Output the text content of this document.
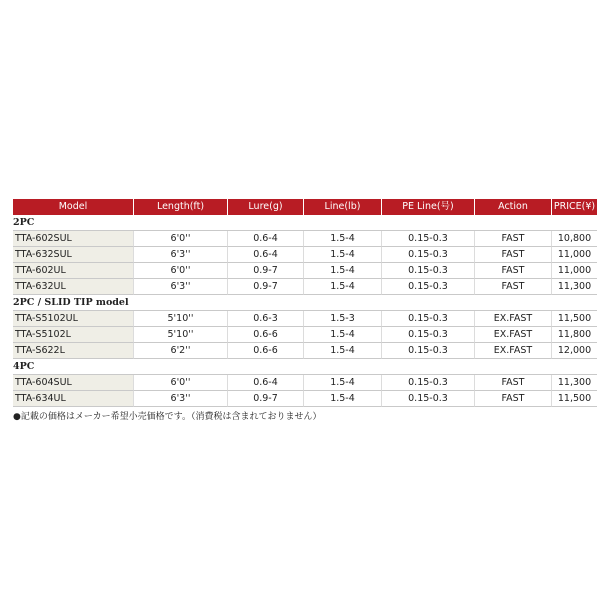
Model	Length(ft)	Lure(g)	Line(lb)	PE Line(号)	Action	PRICE(¥)
2PC						
TTA-602SUL	6'0''	0.6-4	1.5-4	0.15-0.3	FAST	10,800
TTA-632SUL	6'3''	0.6-4	1.5-4	0.15-0.3	FAST	11,000
TTA-602UL	6'0''	0.9-7	1.5-4	0.15-0.3	FAST	11,000
TTA-632UL	6'3''	0.9-7	1.5-4	0.15-0.3	FAST	11,300
2PC / SLID TIP model						
TTA-S5102UL	5'10''	0.6-3	1.5-3	0.15-0.3	EX.FAST	11,500
TTA-S5102L	5'10''	0.6-6	1.5-4	0.15-0.3	EX.FAST	11,800
TTA-S622L	6'2''	0.6-6	1.5-4	0.15-0.3	EX.FAST	12,000
4PC						
TTA-604SUL	6'0''	0.6-4	1.5-4	0.15-0.3	FAST	11,300
TTA-634UL	6'3''	0.9-7	1.5-4	0.15-0.3	FAST	11,500
●記載の価格はメーカー希望小売価格です。（消費税は含まれておりません）
